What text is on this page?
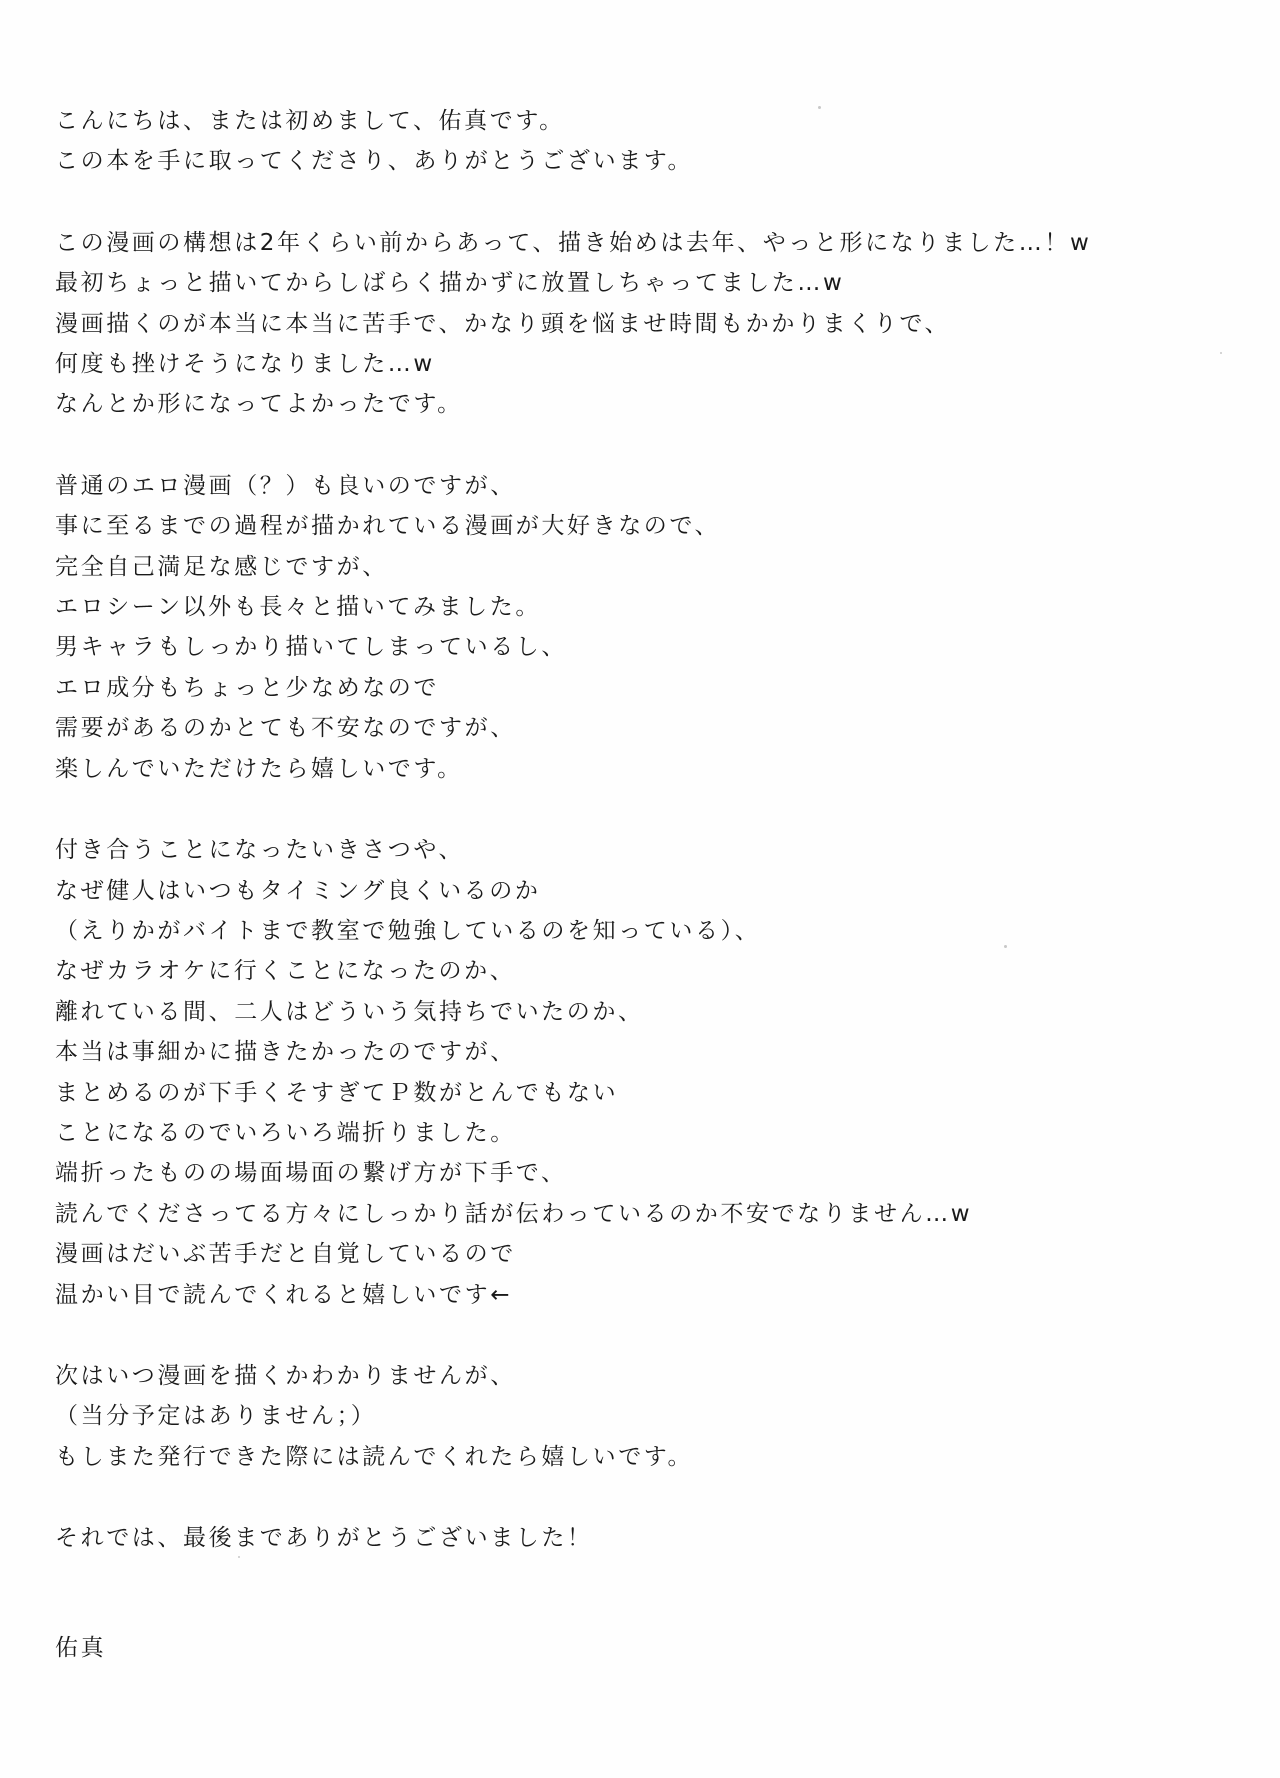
こんにちは、または初めまして、佑真です。
この本を手に取ってくださり、ありがとうございます。
この漫画の構想は2年くらい前からあって、描き始めは去年、やっと形になりました…！w
最初ちょっと描いてからしばらく描かずに放置しちゃってました…w
漫画描くのが本当に本当に苦手で、かなり頭を悩ませ時間もかかりまくりで、
何度も挫けそうになりました…w
なんとか形になってよかったです。
普通のエロ漫画（？）も良いのですが、
事に至るまでの過程が描かれている漫画が大好きなので、
完全自己満足な感じですが、
エロシーン以外も長々と描いてみました。
男キャラもしっかり描いてしまっているし、
エロ成分もちょっと少なめなので
需要があるのかとても不安なのですが、
楽しんでいただけたら嬉しいです。
付き合うことになったいきさつや、
なぜ健人はいつもタイミング良くいるのか
（えりかがバイトまで教室で勉強しているのを知っている）、
なぜカラオケに行くことになったのか、
離れている間、二人はどういう気持ちでいたのか、
本当は事細かに描きたかったのですが、
まとめるのが下手くそすぎてＰ数がとんでもない
ことになるのでいろいろ端折りました。
端折ったものの場面場面の繋げ方が下手で、
読んでくださってる方々にしっかり話が伝わっているのか不安でなりません…w
漫画はだいぶ苦手だと自覚しているので
温かい目で読んでくれると嬉しいです←
次はいつ漫画を描くかわかりませんが、
（当分予定はありません；）
もしまた発行できた際には読んでくれたら嬉しいです。
それでは、最後までありがとうございました！
佑真
